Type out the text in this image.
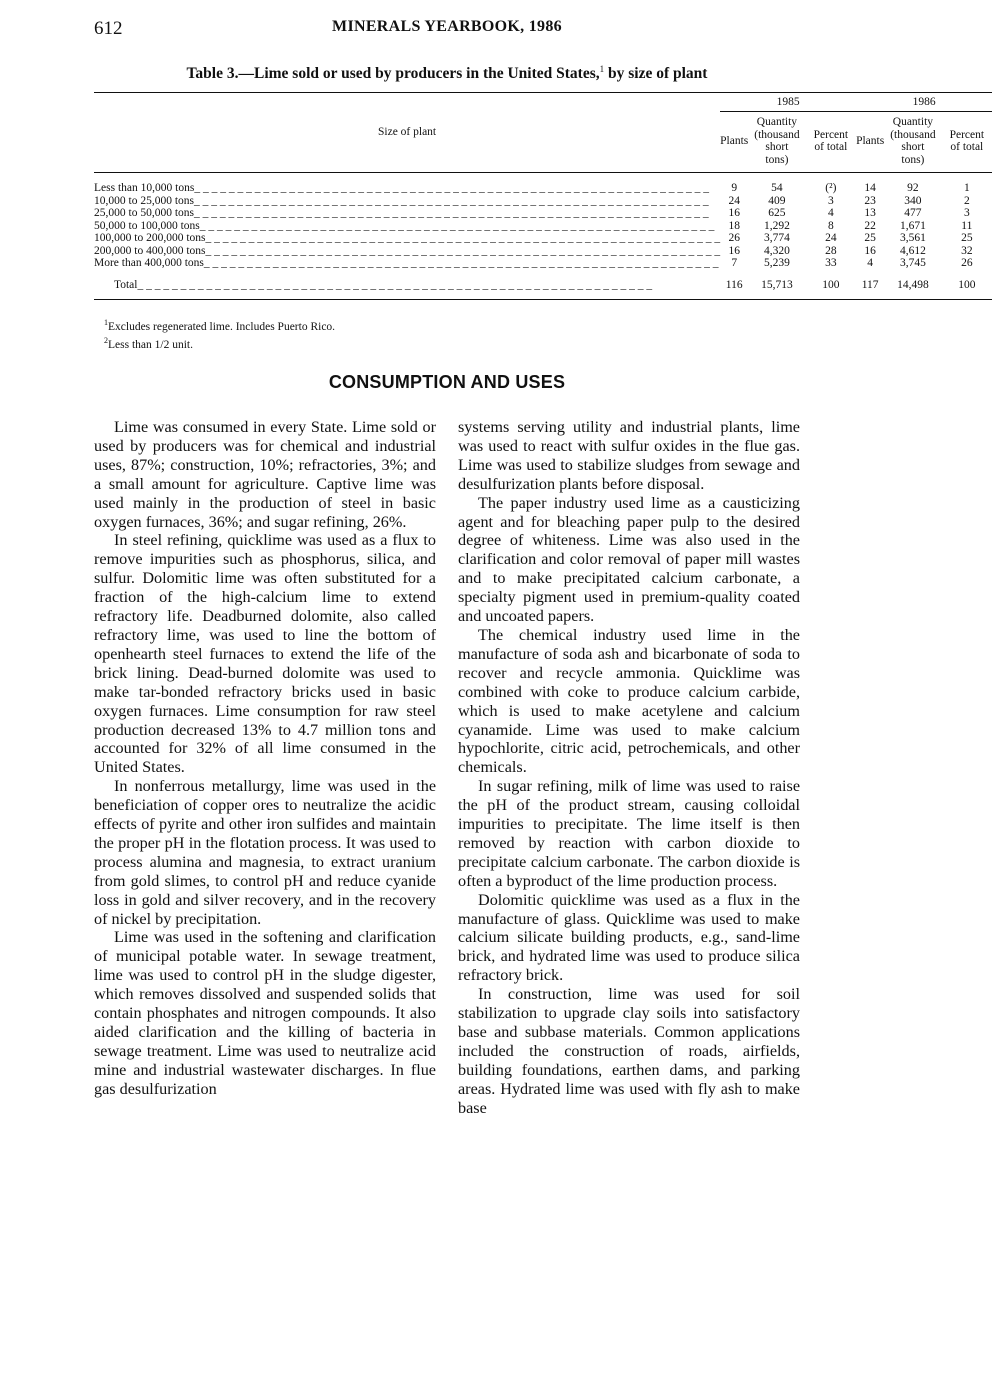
612	MINERALS YEARBOOK, 1986
Table 3.—Lime sold or used by producers in the United States,$^1$ by size of plant
Size of plant	1985			1986		
	Plants	Quantity (thousand short tons)	Percent of total	Plants	Quantity (thousand short tons)	Percent of total
Less than 10,000 tons_ _ _ _ _ _ _ _ _ _ _ _ _ _ _ _ _ _ _ _ _ _ _ _ _ _ _ _ _ _ _ _ _ _ _ _ _ _ _ _ _ _ _ _ _ _ _ _ _ _ _ _ _ _ _ _ _ _ _ _	9	54	(²)	14	92	1
10,000 to 25,000 tons_ _ _ _ _ _ _ _ _ _ _ _ _ _ _ _ _ _ _ _ _ _ _ _ _ _ _ _ _ _ _ _ _ _ _ _ _ _ _ _ _ _ _ _ _ _ _ _ _ _ _ _ _ _ _ _ _ _ _ _	24	409	3	23	340	2
25,000 to 50,000 tons_ _ _ _ _ _ _ _ _ _ _ _ _ _ _ _ _ _ _ _ _ _ _ _ _ _ _ _ _ _ _ _ _ _ _ _ _ _ _ _ _ _ _ _ _ _ _ _ _ _ _ _ _ _ _ _ _ _ _ _	16	625	4	13	477	3
50,000 to 100,000 tons_ _ _ _ _ _ _ _ _ _ _ _ _ _ _ _ _ _ _ _ _ _ _ _ _ _ _ _ _ _ _ _ _ _ _ _ _ _ _ _ _ _ _ _ _ _ _ _ _ _ _ _ _ _ _ _ _ _ _ _	18	1,292	8	22	1,671	11
100,000 to 200,000 tons_ _ _ _ _ _ _ _ _ _ _ _ _ _ _ _ _ _ _ _ _ _ _ _ _ _ _ _ _ _ _ _ _ _ _ _ _ _ _ _ _ _ _ _ _ _ _ _ _ _ _ _ _ _ _ _ _ _ _ _	26	3,774	24	25	3,561	25
200,000 to 400,000 tons_ _ _ _ _ _ _ _ _ _ _ _ _ _ _ _ _ _ _ _ _ _ _ _ _ _ _ _ _ _ _ _ _ _ _ _ _ _ _ _ _ _ _ _ _ _ _ _ _ _ _ _ _ _ _ _ _ _ _ _	16	4,320	28	16	4,612	32
More than 400,000 tons_ _ _ _ _ _ _ _ _ _ _ _ _ _ _ _ _ _ _ _ _ _ _ _ _ _ _ _ _ _ _ _ _ _ _ _ _ _ _ _ _ _ _ _ _ _ _ _ _ _ _ _ _ _ _ _ _ _ _ _	7	5,239	33	4	3,745	26

Total_ _ _ _ _ _ _ _ _ _ _ _ _ _ _ _ _ _ _ _ _ _ _ _ _ _ _ _ _ _ _ _ _ _ _ _ _ _ _ _ _ _ _ _ _ _ _ _ _ _ _ _ _ _ _ _ _ _ _ _	116	15,713	100	117	14,498	100
$^1$Excludes regenerated lime. Includes Puerto Rico.
$^2$Less than 1/2 unit.
CONSUMPTION AND USES

Lime was consumed in every State. Lime sold or used by producers was for chemical and industrial uses, 87%; construction, 10%; refractories, 3%; and a small amount for agriculture. Captive lime was used mainly in the production of steel in basic oxygen furnaces, 36%; and sugar refining, 26%.

In steel refining, quicklime was used as a flux to remove impurities such as phosphorus, silica, and sulfur. Dolomitic lime was often substituted for a fraction of the high-calcium lime to extend refractory life. Deadburned dolomite, also called refractory lime, was used to line the bottom of openhearth steel furnaces to extend the life of the brick lining. Dead-burned dolomite was used to make tar-bonded refractory bricks used in basic oxygen furnaces. Lime consumption for raw steel production decreased 13% to 4.7 million tons and accounted for 32% of all lime consumed in the United States.

In nonferrous metallurgy, lime was used in the beneficiation of copper ores to neutralize the acidic effects of pyrite and other iron sulfides and maintain the proper pH in the flotation process. It was used to process alumina and magnesia, to extract uranium from gold slimes, to control pH and reduce cyanide loss in gold and silver recovery, and in the recovery of nickel by precipitation.

Lime was used in the softening and clarification of municipal potable water. In sewage treatment, lime was used to control pH in the sludge digester, which removes dissolved and suspended solids that contain phosphates and nitrogen compounds. It also aided clarification and the killing of bacteria in sewage treatment. Lime was used to neutralize acid mine and industrial wastewater discharges. In flue gas desulfurization

systems serving utility and industrial plants, lime was used to react with sulfur oxides in the flue gas. Lime was used to stabilize sludges from sewage and desulfurization plants before disposal.

The paper industry used lime as a causticizing agent and for bleaching paper pulp to the desired degree of whiteness. Lime was also used in the clarification and color removal of paper mill wastes and to make precipitated calcium carbonate, a specialty pigment used in premium-quality coated and uncoated papers.

The chemical industry used lime in the manufacture of soda ash and bicarbonate of soda to recover and recycle ammonia. Quicklime was combined with coke to produce calcium carbide, which is used to make acetylene and calcium cyanamide. Lime was used to make calcium hypochlorite, citric acid, petrochemicals, and other chemicals.

In sugar refining, milk of lime was used to raise the pH of the product stream, causing colloidal impurities to precipitate. The lime itself is then removed by reaction with carbon dioxide to precipitate calcium carbonate. The carbon dioxide is often a byproduct of the lime production process.

Dolomitic quicklime was used as a flux in the manufacture of glass. Quicklime was used to make calcium silicate building products, e.g., sand-lime brick, and hydrated lime was used to produce silica refractory brick.

In construction, lime was used for soil stabilization to upgrade clay soils into satisfactory base and subbase materials. Common applications included the construction of roads, airfields, building foundations, earthen dams, and parking areas. Hydrated lime was used with fly ash to make base
